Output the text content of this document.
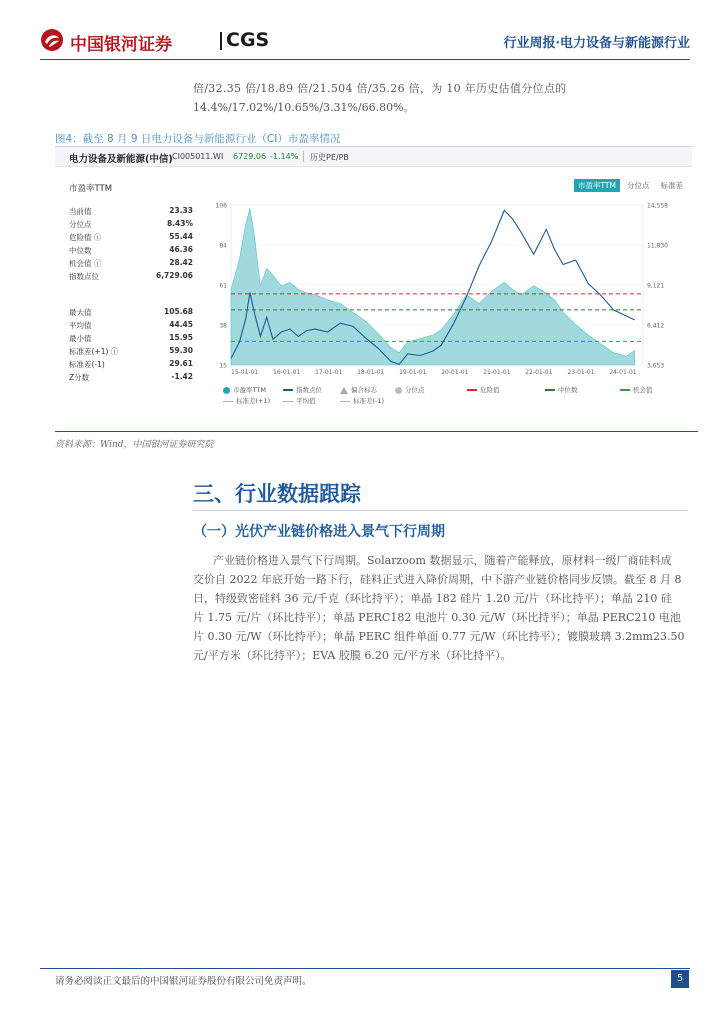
中国银河证券	CGS	行业周报·电力设备与新能源行业
倍/32.35 倍/18.89 倍/21.504 倍/35.26 倍，为 10 年历史估值分位点的
14.4%/17.02%/10.65%/3.31%/66.80%。
图4：截至 8 月 9 日电力设备与新能源行业（CI）市盈率情况
电力设备及新能源(中信) CI005011.WI 6729.06 -1.14% 历史PE/PB
市盈率TTM	市盈率TTM	分位点	标准差
当前值	23.33
分位点	8.43%
危险值 ⓘ	55.44
中位数	46.36
机会值 ⓘ	28.42
指数点位	6,729.06
最大值	105.68
平均值	44.45
最小值	15.95
标准差(+1) ⓘ	59.30
标准差(-1)	29.61
Z分数	-1.42
106
84
61
38
15
14,558
11,830
9,121
6,412
3,653
15-01-01 16-01-01 17-01-01 18-01-01 19-01-01 20-01-01 21-01-01 22-01-01 23-01-01 24-01-01
市盈率TTM	指数点位	偏合标志	分位点	危险值	中位数	机会值
标准差(+1)	平均值	标准差(-1)
资料来源：Wind，中国银河证券研究院
三、行业数据跟踪
（一）光伏产业链价格进入景气下行周期
产业链价格进入景气下行周期。Solarzoom 数据显示，随着产能释放，原材料一级厂商硅料成
交价自 2022 年底开始一路下行，硅料正式进入降价周期，中下游产业链价格同步反馈。截至 8 月 8
日，特级致密硅料 36 元/千克（环比持平）；单晶 182 硅片 1.20 元/片（环比持平）；单晶 210 硅
片 1.75 元/片（环比持平）；单晶 PERC182 电池片 0.30 元/W（环比持平）；单晶 PERC210 电池
片 0.30 元/W（环比持平）；单晶 PERC 组件单面 0.77 元/W（环比持平）；镀膜玻璃 3.2mm23.50
元/平方米（环比持平）；EVA 胶膜 6.20 元/平方米（环比持平）。
请务必阅读正文最后的中国银河证券股份有限公司免责声明。	5
